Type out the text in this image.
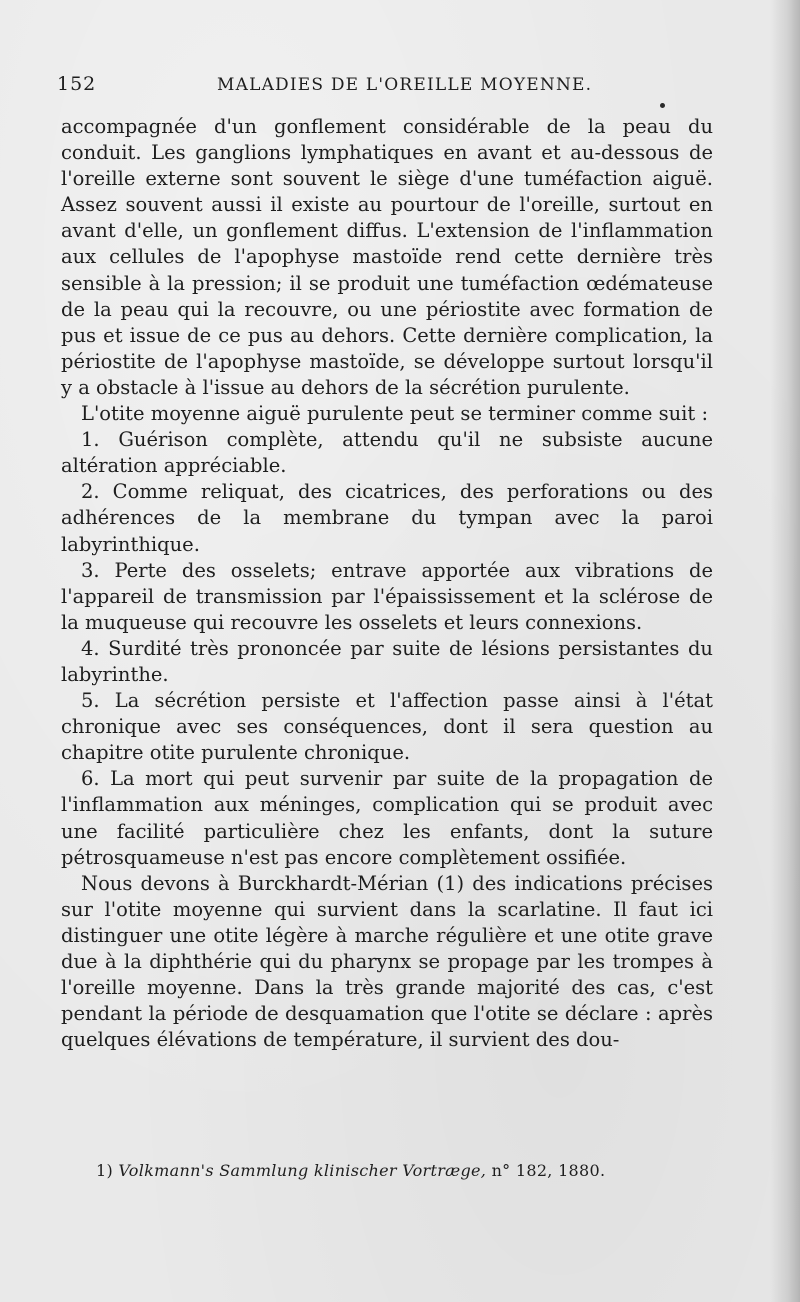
152	MALADIES DE L'OREILLE MOYENNE.

accompagnée d'un gonflement considérable de la peau du conduit. Les ganglions lymphatiques en avant et au-dessous de l'oreille externe sont souvent le siège d'une tuméfaction aiguë. Assez souvent aussi il existe au pourtour de l'oreille, surtout en avant d'elle, un gonflement diffus. L'extension de l'inflammation aux cellules de l'apophyse mastoïde rend cette dernière très sensible à la pression; il se produit une tuméfaction œdémateuse de la peau qui la recouvre, ou une périostite avec formation de pus et issue de ce pus au dehors. Cette dernière complication, la périostite de l'apophyse mastoïde, se développe surtout lorsqu'il y a obstacle à l'issue au dehors de la sécrétion purulente.

L'otite moyenne aiguë purulente peut se terminer comme suit :

1. Guérison complète, attendu qu'il ne subsiste aucune altération appréciable.

2. Comme reliquat, des cicatrices, des perforations ou des adhérences de la membrane du tympan avec la paroi labyrinthique.

3. Perte des osselets; entrave apportée aux vibrations de l'appareil de transmission par l'épaississement et la sclérose de la muqueuse qui recouvre les osselets et leurs connexions.

4. Surdité très prononcée par suite de lésions persistantes du labyrinthe.

5. La sécrétion persiste et l'affection passe ainsi à l'état chronique avec ses conséquences, dont il sera question au chapitre otite purulente chronique.

6. La mort qui peut survenir par suite de la propagation de l'inflammation aux méninges, complication qui se produit avec une facilité particulière chez les enfants, dont la suture pétrosquameuse n'est pas encore complètement ossifiée.

Nous devons à Burckhardt-Mérian (1) des indications précises sur l'otite moyenne qui survient dans la scarlatine. Il faut ici distinguer une otite légère à marche régulière et une otite grave due à la diphthérie qui du pharynx se propage par les trompes à l'oreille moyenne. Dans la très grande majorité des cas, c'est pendant la période de desquamation que l'otite se déclare : après quelques élévations de température, il survient des dou-

1) Volkmann's Sammlung klinischer Vortræge, n° 182, 1880.
